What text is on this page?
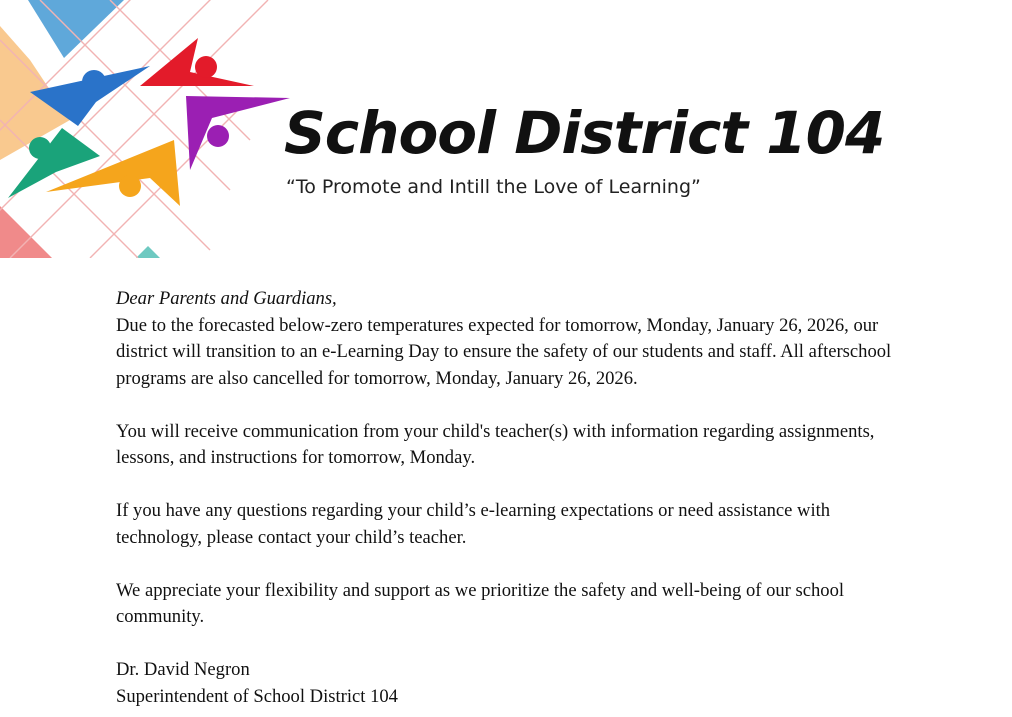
School District 104

“To Promote and Intill the Love of Learning”

Dear Parents and Guardians,

Due to the forecasted below-zero temperatures expected for tomorrow, Monday, January 26, 2026, our district will transition to an e-Learning Day to ensure the safety of our students and staff. All afterschool programs are also cancelled for tomorrow, Monday, January 26, 2026.

You will receive communication from your child's teacher(s) with information regarding assignments, lessons, and instructions for tomorrow, Monday.

If you have any questions regarding your child’s e-learning expectations or need assistance with technology, please contact your child’s teacher.

We appreciate your flexibility and support as we prioritize the safety and well-being of our school community.

Dr. David Negron
Superintendent of School District 104
